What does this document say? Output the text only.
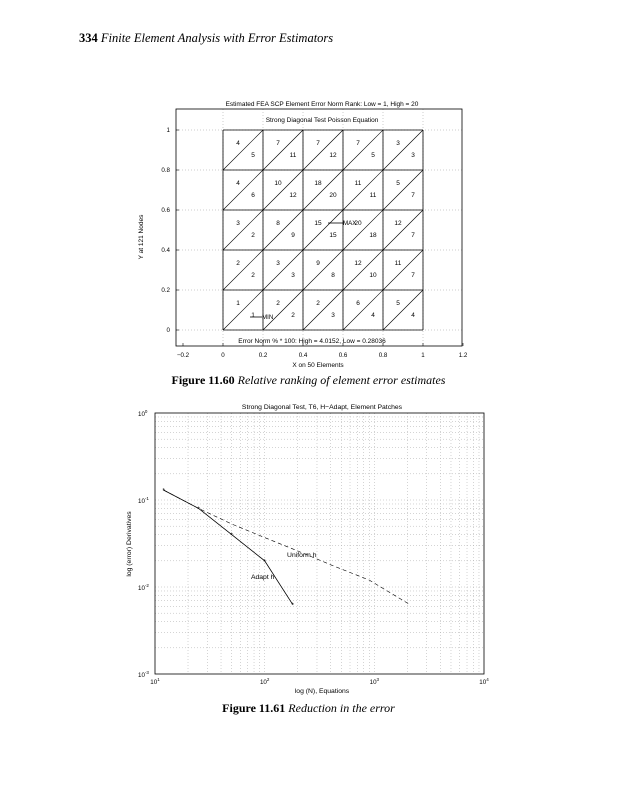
334 Finite Element Analysis with Error Estimators
4
5
7
11
7
12
7
5
3
3
4
6
10
12
18
20
11
11
5
7
3
2
8
9
15
15
20
18
12
7
2
2
3
3
9
8
12
10
11
7
1
1
2
2
2
3
6
4
5
4
−0.2	0	0.2	0.4	0.6	0.8	1	1.2
0
0.2
0.4
0.6
0.8
1
Estimated FEA SCP Element Error Norm Rank: Low = 1, High = 20
Strong Diagonal Test Poisson Equation
Error Norm % * 100: High = 4.0152, Low = 0.28036
X on 50 Elements
Y at 121 Nodes
MIN
MAX
Figure 11.60 Relative ranking of element error estimates
$10^1$	$10^2$	$10^3$	$10^4$
$10^0$
$10^{-1}$
$10^{-2}$
$10^{-3}$
*
*
*
*
*
Uniform h
Adapt h
Strong Diagonal Test, T6, H−Adapt, Element Patches
log (N), Equations
log (error) Derivatives
Figure 11.61 Reduction in the error
